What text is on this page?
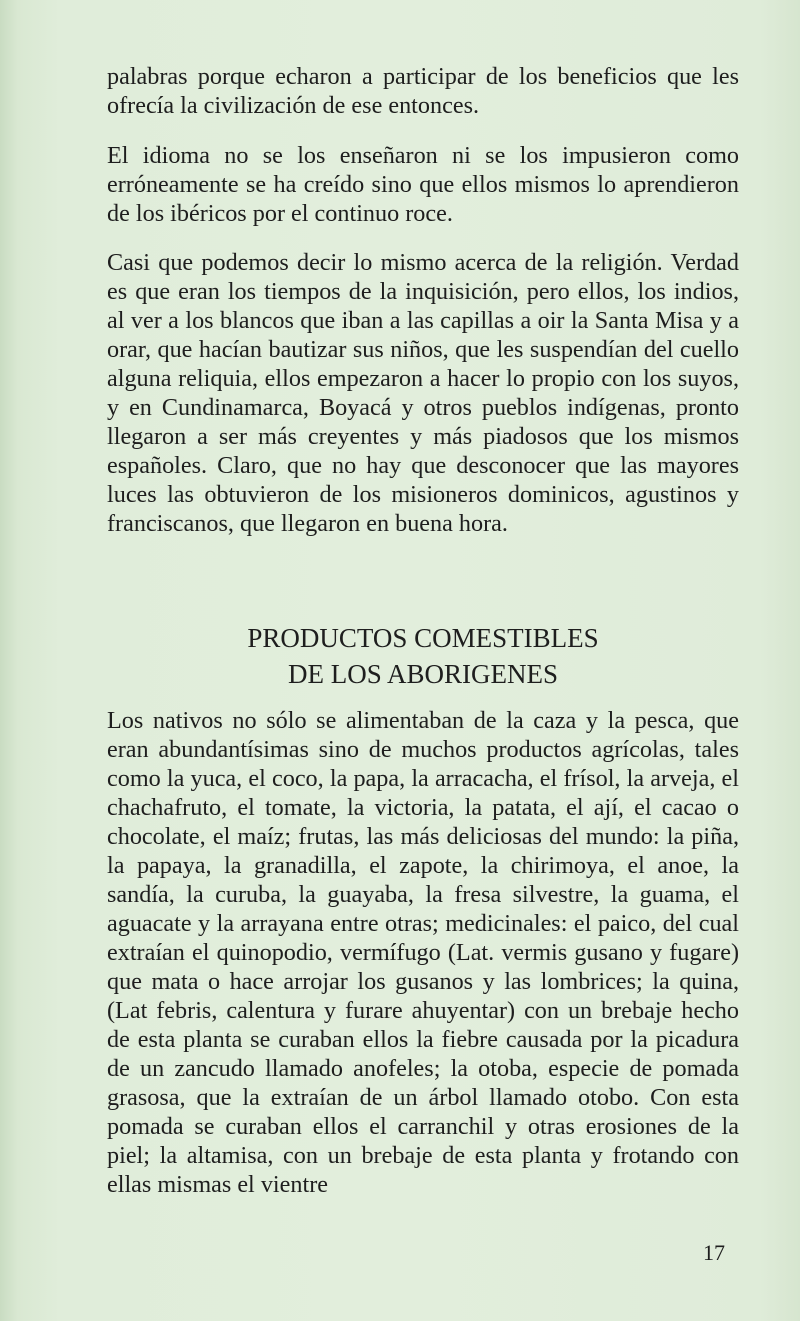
palabras porque echaron a participar de los beneficios que les ofrecía la civilización de ese entonces.

El idioma no se los enseñaron ni se los impusieron como erróneamente se ha creído sino que ellos mismos lo aprendieron de los ibéricos por el continuo roce.

Casi que podemos decir lo mismo acerca de la religión. Verdad es que eran los tiempos de la inquisición, pero ellos, los indios, al ver a los blancos que iban a las capillas a oir la Santa Misa y a orar, que hacían bautizar sus niños, que les suspendían del cuello alguna reliquia, ellos empezaron a hacer lo propio con los suyos, y en Cundinamarca, Boyacá y otros pueblos indígenas, pronto llegaron a ser más creyentes y más piadosos que los mismos españoles. Claro, que no hay que desconocer que las mayores luces las obtuvieron de los misioneros dominicos, agustinos y franciscanos, que llegaron en buena hora.

PRODUCTOS COMESTIBLES
DE LOS ABORIGENES

Los nativos no sólo se alimentaban de la caza y la pesca, que eran abundantísimas sino de muchos productos agrícolas, tales como la yuca, el coco, la papa, la arracacha, el frísol, la arveja, el chachafruto, el tomate, la victoria, la patata, el ají, el cacao o chocolate, el maíz; frutas, las más deliciosas del mundo: la piña, la papaya, la granadilla, el zapote, la chirimoya, el anoe, la sandía, la curuba, la guayaba, la fresa silvestre, la guama, el aguacate y la arrayana entre otras; medicinales: el paico, del cual extraían el quinopodio, vermífugo (Lat. vermis gusano y fugare) que mata o hace arrojar los gusanos y las lombrices; la quina, (Lat febris, calentura y furare ahuyentar) con un brebaje hecho de esta planta se curaban ellos la fiebre causada por la picadura de un zancudo llamado anofeles; la otoba, especie de pomada grasosa, que la extraían de un árbol llamado otobo. Con esta pomada se curaban ellos el carranchil y otras erosiones de la piel; la altamisa, con un brebaje de esta planta y frotando con ellas mismas el vientre

17
